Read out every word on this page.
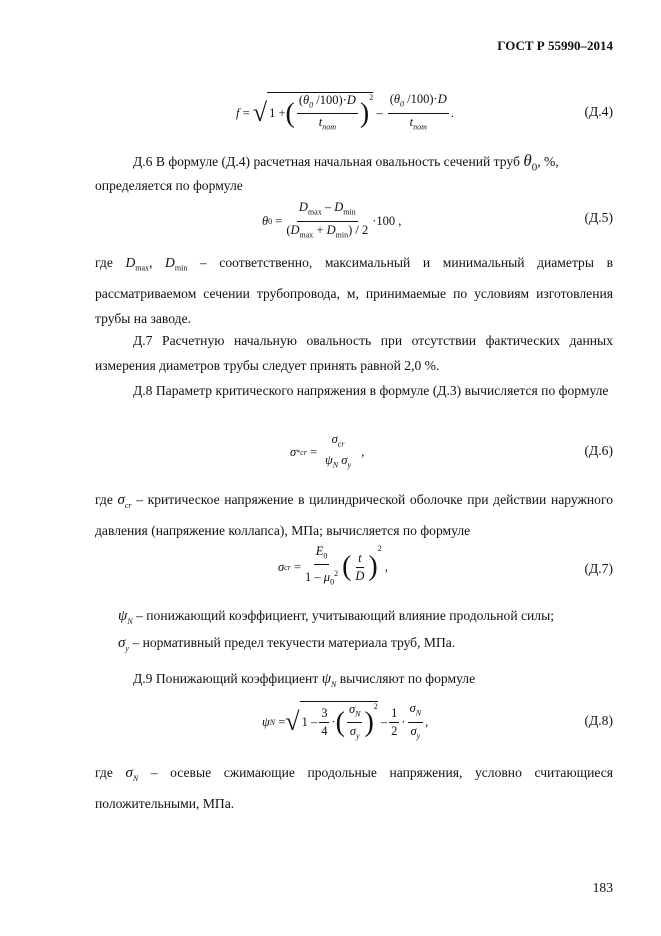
ГОСТ Р 55990–2014
f
=
√ 1 + ( $\frac{(\theta_0 /100)\cdot D}{t_{nom}}$ )
$^2$

–
$\frac{(\theta_0 /100)\cdot D}{t_{nom}}$ .	(Д.4)
Д.6 В формуле (Д.4) расчетная начальная овальность сечений труб $\theta_0$, %,
определяется по формуле
θ 0
= $\frac{D_{max} - D_{min}}{(D_{max} + D_{min}) / 2} \cdot 100$ ,	(Д.5)
где $D_{max}$, $D_{min}$ – соответственно, максимальный и минимальный диаметры в рассматриваемом сечении трубопровода, м, принимаемые по условиям изготовления трубы на заводе.
Д.7 Расчетную начальную овальность при отсутствии фактических данных измерения диаметров трубы следует принять равной 2,0 %.
Д.8 Параметр критического напряжения в формуле (Д.3) вычисляется по формуле
σ * cr
=
$\sigma_{cr}$
$\psi_N$ $\sigma_y$
,	(Д.6)
где $\sigma_{cr}$ – критическое напряжение в цилиндрической оболочке при действии наружного давления (напряжение коллапса), МПа; вычисляется по формуле
σ cr
= $\frac{E_0}{1 - \mu_0^2}$ ( $\frac{t}{D}$ )
2
,	(Д.7)
$\psi_N$ – понижающий коэффициент, учитывающий влияние продольной силы;
$\sigma_y$ – нормативный предел текучести материала труб, МПа.
Д.9 Понижающий коэффициент $\psi_N$ вычисляют по формуле
ψ N
= √ $1 - \frac{3}{4}$ · ( $\frac{\sigma_N}{\sigma_y}$ )
$^2$

– $\frac{1}{2} \cdot \frac{\sigma_N}{\sigma_y}$ ,	(Д.8)
где $\sigma_N$ – осевые сжимающие продольные напряжения, условно считающиеся положительными, МПа.
183
